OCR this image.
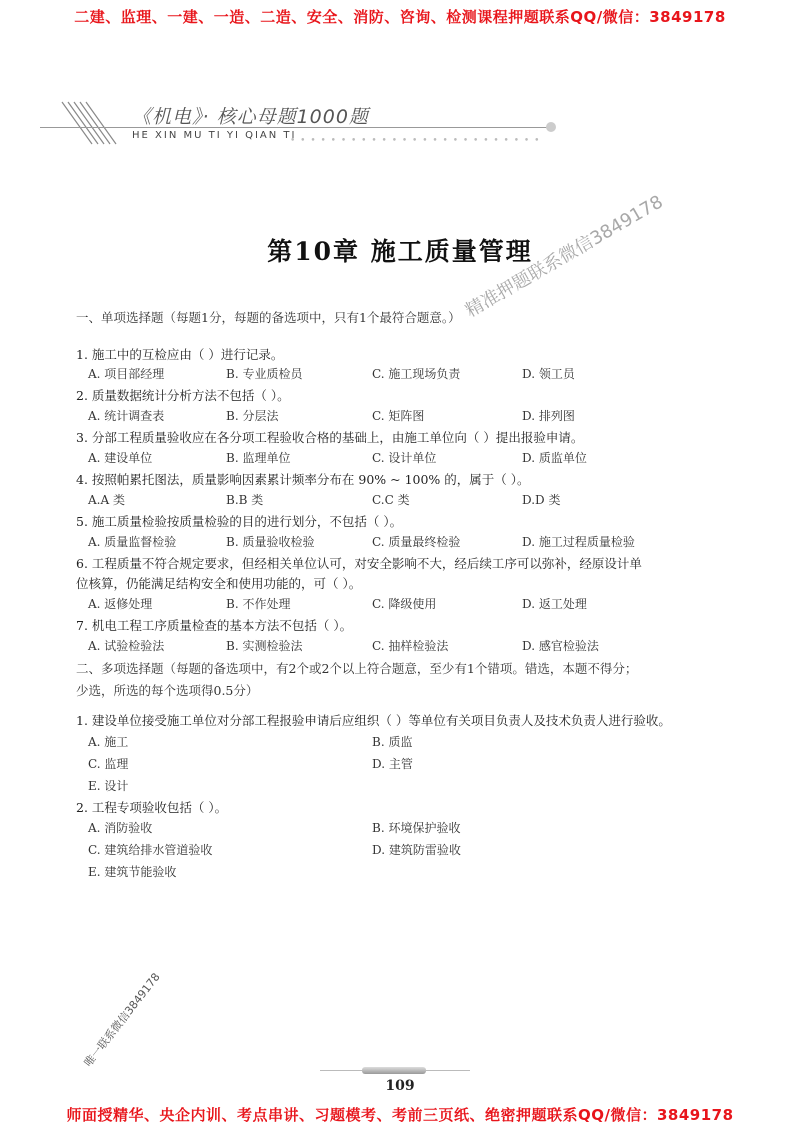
二建、监理、一建、一造、二造、安全、消防、咨询、检测课程押题联系QQ/微信：3849178
《机电》· 核心母题1000题
HE XIN MU TI YI QIAN TI
• • • • • • • • • • • • • • • • • • • • • • • • •
第10章 施工质量管理
一、单项选择题（每题1分，每题的备选项中，只有1个最符合题意。）
1. 施工中的互检应由（ ）进行记录。
A. 项目部经理	B. 专业质检员	C. 施工现场负责	D. 领工员
2. 质量数据统计分析方法不包括（ ）。
A. 统计调查表	B. 分层法	C. 矩阵图	D. 排列图
3. 分部工程质量验收应在各分项工程验收合格的基础上，由施工单位向（ ）提出报验申请。
A. 建设单位	B. 监理单位	C. 设计单位	D. 质监单位
4. 按照帕累托图法，质量影响因素累计频率分布在 90% ~ 100% 的，属于（ ）。
A.A 类	B.B 类	C.C 类	D.D 类
5. 施工质量检验按质量检验的目的进行划分，不包括（ ）。
A. 质量监督检验	B. 质量验收检验	C. 质量最终检验	D. 施工过程质量检验
6. 工程质量不符合规定要求，但经相关单位认可，对安全影响不大，经后续工序可以弥补，经原设计单
位核算，仍能满足结构安全和使用功能的，可（ ）。
A. 返修处理	B. 不作处理	C. 降级使用	D. 返工处理
7. 机电工程工序质量检查的基本方法不包括（ ）。
A. 试验检验法	B. 实测检验法	C. 抽样检验法	D. 感官检验法
二、多项选择题（每题的备选项中，有2个或2个以上符合题意，至少有1个错项。错选，本题不得分；
少选，所选的每个选项得0.5分）
1. 建设单位接受施工单位对分部工程报验申请后应组织（ ）等单位有关项目负责人及技术负责人进行验收。
A. 施工	B. 质监
C. 监理	D. 主管
E. 设计
2. 工程专项验收包括（ ）。
A. 消防验收	B. 环境保护验收
C. 建筑给排水管道验收	D. 建筑防雷验收
E. 建筑节能验收
精准押题联系微信3849178
唯一联系微信3849178
109
师面授精华、央企内训、考点串讲、习题模考、考前三页纸、绝密押题联系QQ/微信：3849178
